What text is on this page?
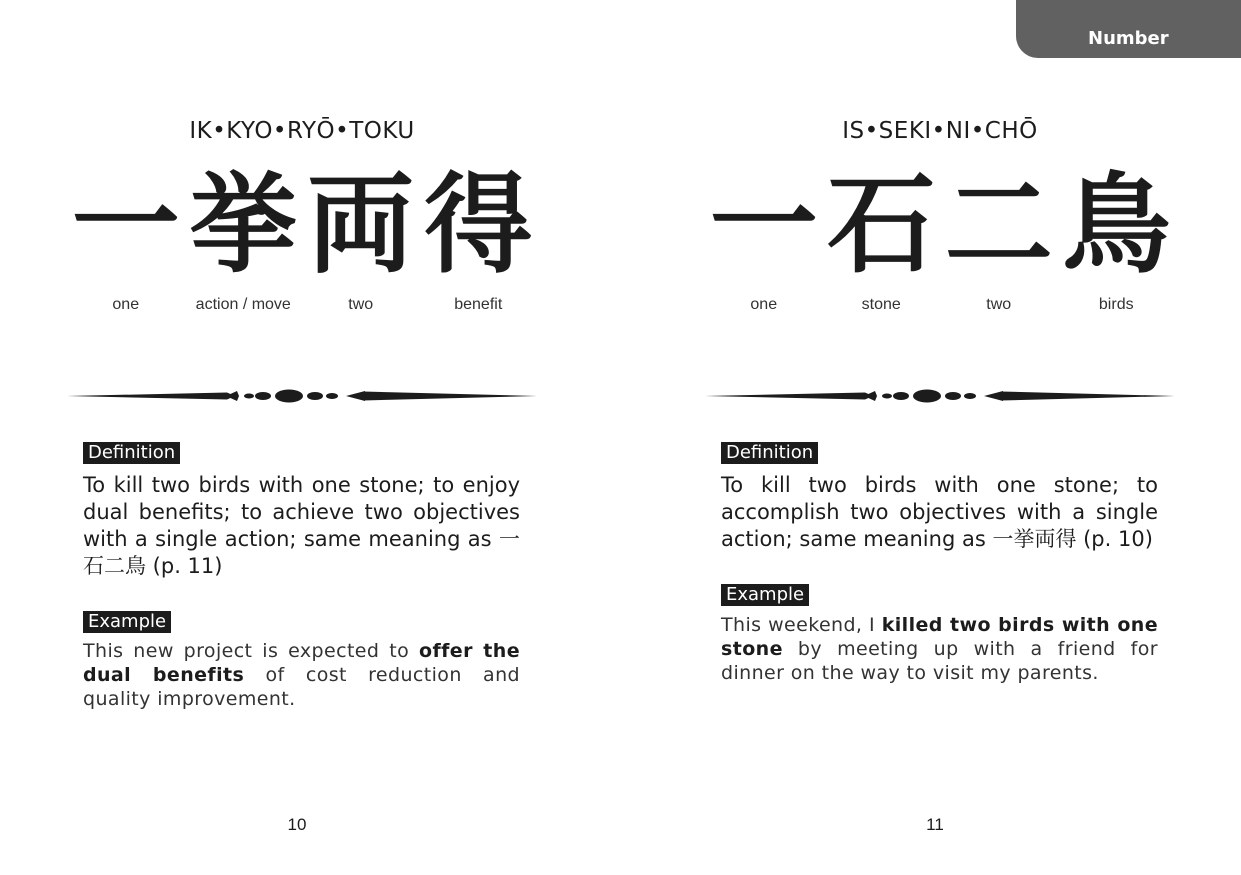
Number
IK•KYO•RYŌ•TOKU
一 挙 両 得
one	action / move	two	benefit
Definition
To kill two birds with one stone; to enjoy dual benefits; to achieve two objectives with a single action; same meaning as 一石二鳥 (p. 11)
Example
This new project is expected to offer the dual benefits of cost reduction and quality improvement.
10
IS•SEKI•NI•CHŌ
一 石 二 鳥
one	stone	two	birds
Definition
To kill two birds with one stone; to accomplish two objectives with a single action; same meaning as 一挙両得 (p. 10)
Example
This weekend, I killed two birds with one stone by meeting up with a friend for dinner on the way to visit my parents.
11
